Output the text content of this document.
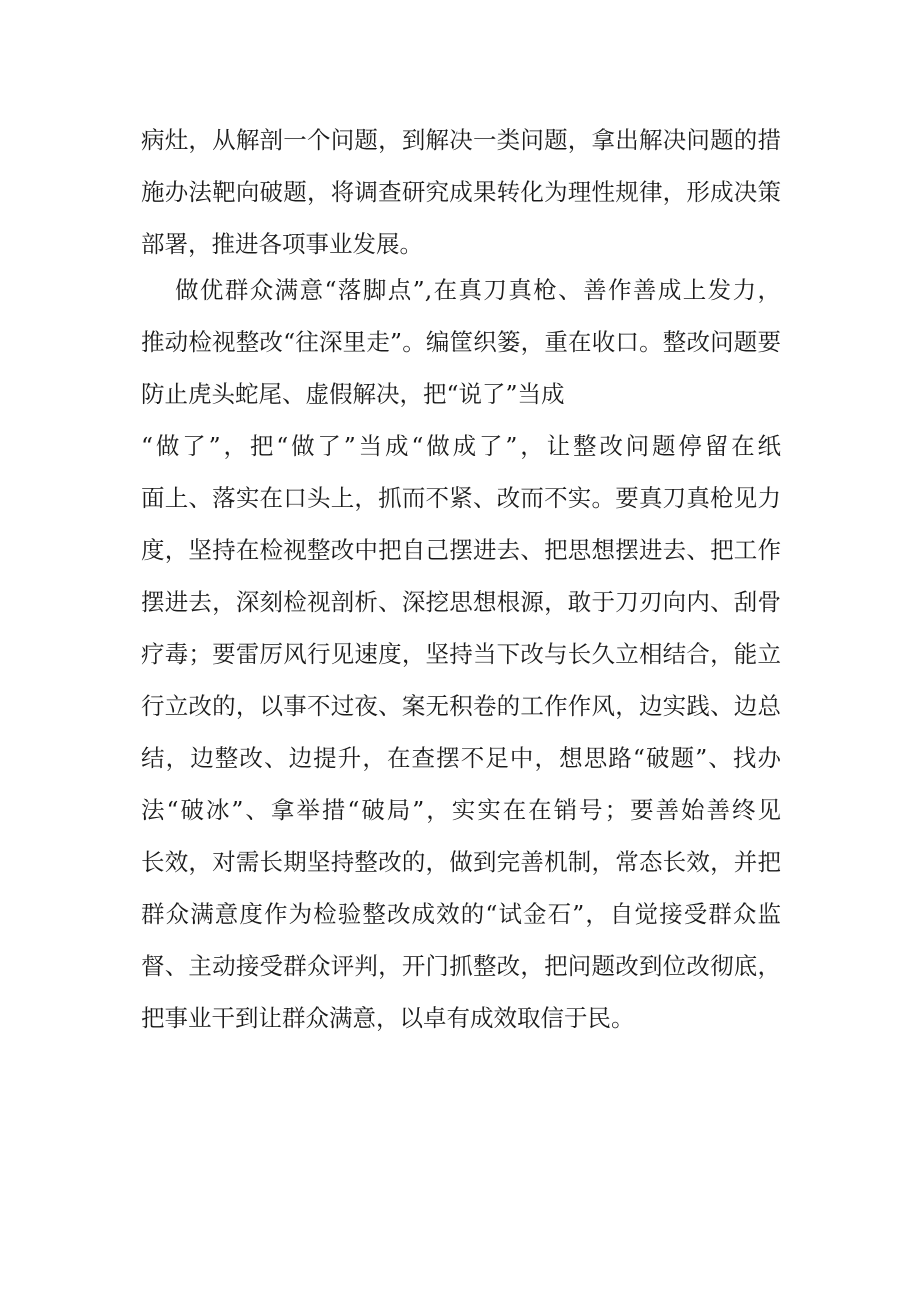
病灶，从解剖一个问题，到解决一类问题，拿出解决问题的措
施办法靶向破题，将调查研究成果转化为理性规律，形成决策
部署，推进各项事业发展。
做优群众满意“落脚点”,在真刀真枪、善作善成上发力，
推动检视整改“往深里走”。编筐织篓，重在收口。整改问题要
防止虎头蛇尾、虚假解决，把“说了”当成
“做了”，把“做了”当成“做成了”，让整改问题停留在纸
面上、落实在口头上，抓而不紧、改而不实。要真刀真枪见力
度，坚持在检视整改中把自己摆进去、把思想摆进去、把工作
摆进去，深刻检视剖析、深挖思想根源，敢于刀刃向内、刮骨
疗毒；要雷厉风行见速度，坚持当下改与长久立相结合，能立
行立改的，以事不过夜、案无积卷的工作作风，边实践、边总
结，边整改、边提升，在查摆不足中，想思路“破题”、找办
法“破冰”、拿举措“破局”，实实在在销号；要善始善终见
长效，对需长期坚持整改的，做到完善机制，常态长效，并把
群众满意度作为检验整改成效的“试金石”，自觉接受群众监
督、主动接受群众评判，开门抓整改，把问题改到位改彻底，
把事业干到让群众满意，以卓有成效取信于民。
